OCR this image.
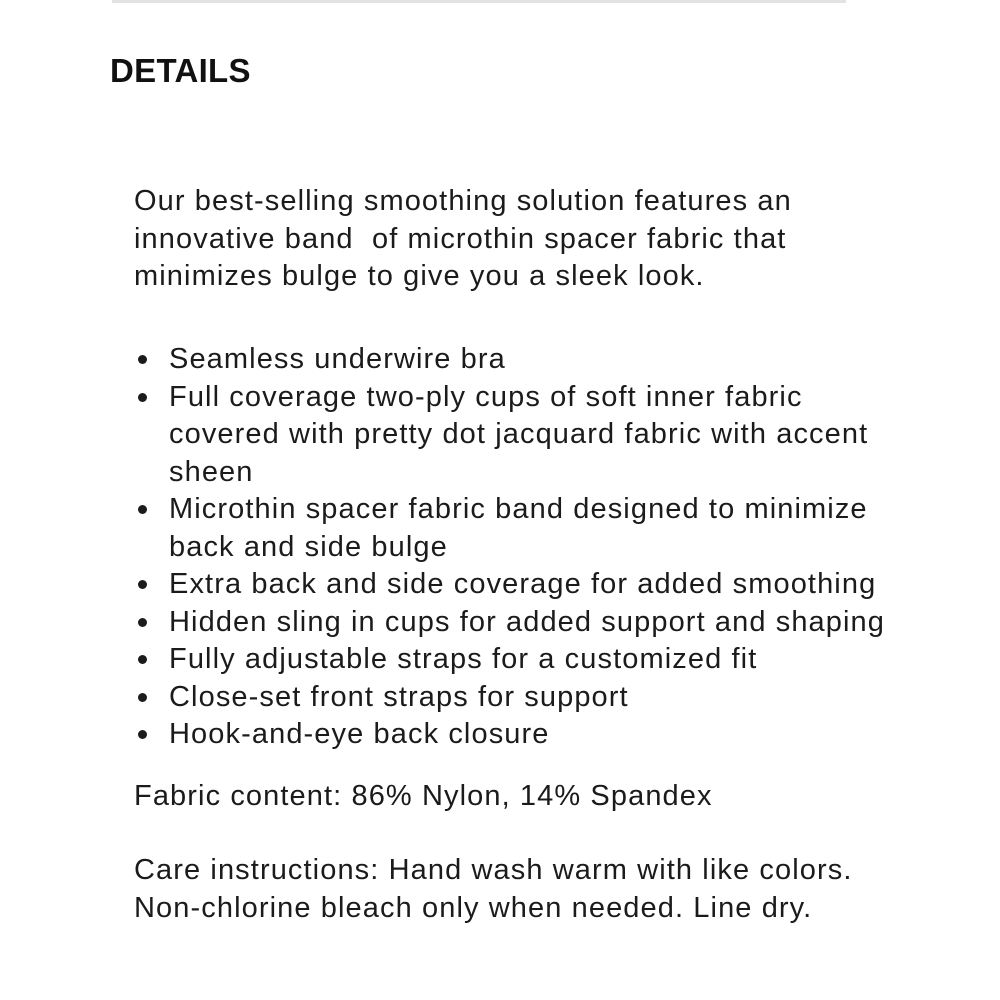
DETAILS

Our best-selling smoothing solution features an innovative band  of microthin spacer fabric that minimizes bulge to give you a sleek look.

Seamless underwire bra
Full coverage two-ply cups of soft inner fabric covered with pretty dot jacquard fabric with accent sheen
Microthin spacer fabric band designed to minimize back and side bulge
Extra back and side coverage for added smoothing
Hidden sling in cups for added support and shaping
Fully adjustable straps for a customized fit
Close-set front straps for support
Hook-and-eye back closure

Fabric content: 86% Nylon, 14% Spandex

Care instructions: Hand wash warm with like colors. Non-chlorine bleach only when needed. Line dry.
